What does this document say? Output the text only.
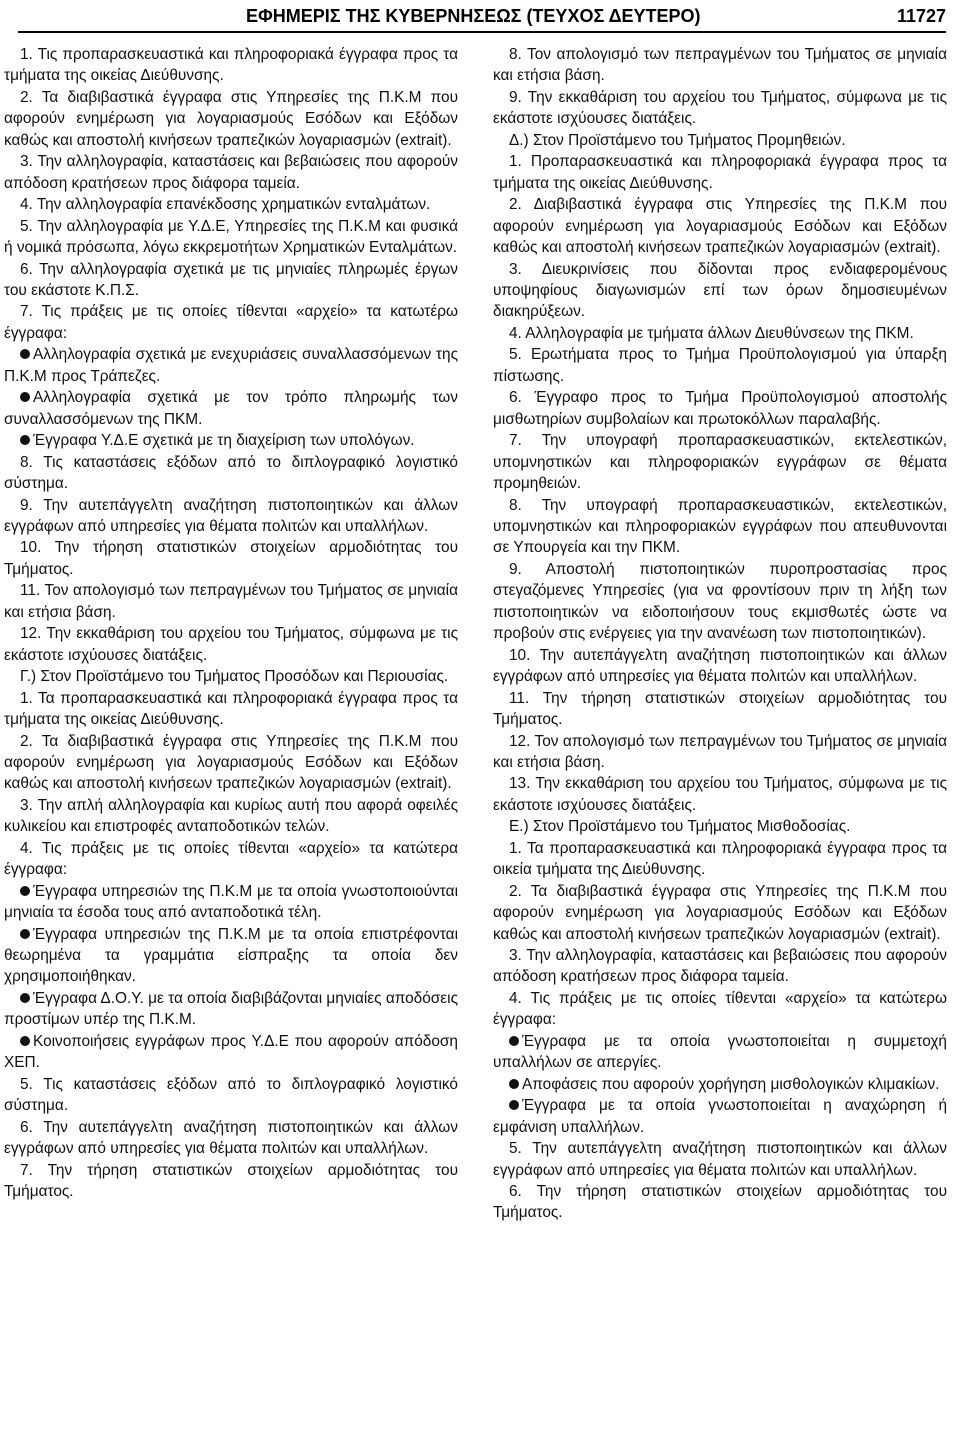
ΕΦΗΜΕΡΙΣ ΤΗΣ ΚΥΒΕΡΝΗΣΕΩΣ (ΤΕΥΧΟΣ ΔΕΥΤΕΡΟ)	11727

1. Τις προπαρασκευαστικά και πληροφοριακά έγγραφα προς τα τμήματα της οικείας Διεύθυνσης.

2. Τα διαβιβαστικά έγγραφα στις Υπηρεσίες της Π.Κ.Μ που αφορούν ενημέρωση για λογαριασμούς Εσόδων και Εξόδων καθώς και αποστολή κινήσεων τραπεζικών λογαριασμών (extrait).

3. Την αλληλογραφία, καταστάσεις και βεβαιώσεις που αφορούν απόδοση κρατήσεων προς διάφορα ταμεία.

4. Την αλληλογραφία επανέκδοσης χρηματικών ενταλμάτων.

5. Την αλληλογραφία με Υ.Δ.Ε, Υπηρεσίες της Π.Κ.Μ και φυσικά ή νομικά πρόσωπα, λόγω εκκρεμοτήτων Χρηματικών Ενταλμάτων.

6. Την αλληλογραφία σχετικά με τις μηνιαίες πληρωμές έργων του εκάστοτε Κ.Π.Σ.

7. Τις πράξεις με τις οποίες τίθενται «αρχείο» τα κατωτέρω έγγραφα:

Αλληλογραφία σχετικά με ενεχυριάσεις συναλλασσόμενων της Π.Κ.Μ προς Τράπεζες.

Αλληλογραφία σχετικά με τον τρόπο πληρωμής των συναλλασσόμενων της ΠΚΜ.

Έγγραφα Υ.Δ.Ε σχετικά με τη διαχείριση των υπολόγων.

8. Τις καταστάσεις εξόδων από το διπλογραφικό λογιστικό σύστημα.

9. Την αυτεπάγγελτη αναζήτηση πιστοποιητικών και άλλων εγγράφων από υπηρεσίες για θέματα πολιτών και υπαλλήλων.

10. Την τήρηση στατιστικών στοιχείων αρμοδιότητας του Τμήματος.

11. Τον απολογισμό των πεπραγμένων του Τμήματος σε μηνιαία και ετήσια βάση.

12. Την εκκαθάριση του αρχείου του Τμήματος, σύμφωνα με τις εκάστοτε ισχύουσες διατάξεις.

Γ.) Στον Προϊστάμενο του Τμήματος Προσόδων και Περιουσίας.

1. Τα προπαρασκευαστικά και πληροφοριακά έγγραφα προς τα τμήματα της οικείας Διεύθυνσης.

2. Τα διαβιβαστικά έγγραφα στις Υπηρεσίες της Π.Κ.Μ που αφορούν ενημέρωση για λογαριασμούς Εσόδων και Εξόδων καθώς και αποστολή κινήσεων τραπεζικών λογαριασμών (extrait).

3. Την απλή αλληλογραφία και κυρίως αυτή που αφορά οφειλές κυλικείου και επιστροφές ανταποδοτικών τελών.

4. Τις πράξεις με τις οποίες τίθενται «αρχείο» τα κατώτερα έγγραφα:

Έγγραφα υπηρεσιών της Π.Κ.Μ με τα οποία γνωστοποιούνται μηνιαία τα έσοδα τους από ανταποδοτικά τέλη.

Έγγραφα υπηρεσιών της Π.Κ.Μ με τα οποία επιστρέφονται θεωρημένα τα γραμμάτια είσπραξης τα οποία δεν χρησιμοποιήθηκαν.

Έγγραφα Δ.Ο.Υ. με τα οποία διαβιβάζονται μηνιαίες αποδόσεις προστίμων υπέρ της Π.Κ.Μ.

Κοινοποιήσεις εγγράφων προς Υ.Δ.Ε που αφορούν απόδοση ΧΕΠ.

5. Τις καταστάσεις εξόδων από το διπλογραφικό λογιστικό σύστημα.

6. Την αυτεπάγγελτη αναζήτηση πιστοποιητικών και άλλων εγγράφων από υπηρεσίες για θέματα πολιτών και υπαλλήλων.

7. Την τήρηση στατιστικών στοιχείων αρμοδιότητας του Τμήματος.

8. Τον απολογισμό των πεπραγμένων του Τμήματος σε μηνιαία και ετήσια βάση.

9. Την εκκαθάριση του αρχείου του Τμήματος, σύμφωνα με τις εκάστοτε ισχύουσες διατάξεις.

Δ.) Στον Προϊστάμενο του Τμήματος Προμηθειών.

1. Προπαρασκευαστικά και πληροφοριακά έγγραφα προς τα τμήματα της οικείας Διεύθυνσης.

2. Διαβιβαστικά έγγραφα στις Υπηρεσίες της Π.Κ.Μ που αφορούν ενημέρωση για λογαριασμούς Εσόδων και Εξόδων καθώς και αποστολή κινήσεων τραπεζικών λογαριασμών (extrait).

3. Διευκρινίσεις που δίδονται προς ενδιαφερομένους υποψηφίους διαγωνισμών επί των όρων δημοσιευμένων διακηρύξεων.

4. Αλληλογραφία με τμήματα άλλων Διευθύνσεων της ΠΚΜ.

5. Ερωτήματα προς το Τμήμα Προϋπολογισμού για ύπαρξη πίστωσης.

6. Έγγραφο προς το Τμήμα Προϋπολογισμού αποστολής μισθωτηρίων συμβολαίων και πρωτοκόλλων παραλαβής.

7. Την υπογραφή προπαρασκευαστικών, εκτελεστικών, υπομνηστικών και πληροφοριακών εγγράφων σε θέματα προμηθειών.

8. Την υπογραφή προπαρασκευαστικών, εκτελεστικών, υπομνηστικών και πληροφοριακών εγγράφων που απευθυνονται σε Υπουργεία και την ΠΚΜ.

9. Αποστολή πιστοποιητικών πυροπροστασίας προς στεγαζόμενες Υπηρεσίες (για να φροντίσουν πριν τη λήξη των πιστοποιητικών να ειδοποιήσουν τους εκμισθωτές ώστε να προβούν στις ενέργειες για την ανανέωση των πιστοποιητικών).

10. Την αυτεπάγγελτη αναζήτηση πιστοποιητικών και άλλων εγγράφων από υπηρεσίες για θέματα πολιτών και υπαλλήλων.

11. Την τήρηση στατιστικών στοιχείων αρμοδιότητας του Τμήματος.

12. Τον απολογισμό των πεπραγμένων του Τμήματος σε μηνιαία και ετήσια βάση.

13. Την εκκαθάριση του αρχείου του Τμήματος, σύμφωνα με τις εκάστοτε ισχύουσες διατάξεις.

Ε.) Στον Προϊστάμενο του Τμήματος Μισθοδοσίας.

1. Τα προπαρασκευαστικά και πληροφοριακά έγγραφα προς τα οικεία τμήματα της Διεύθυνσης.

2. Τα διαβιβαστικά έγγραφα στις Υπηρεσίες της Π.Κ.Μ που αφορούν ενημέρωση για λογαριασμούς Εσόδων και Εξόδων καθώς και αποστολή κινήσεων τραπεζικών λογαριασμών (extrait).

3. Την αλληλογραφία, καταστάσεις και βεβαιώσεις που αφορούν απόδοση κρατήσεων προς διάφορα ταμεία.

4. Τις πράξεις με τις οποίες τίθενται «αρχείο» τα κατώτερω έγγραφα:

Έγγραφα με τα οποία γνωστοποιείται η συμμετοχή υπαλλήλων σε απεργίες.

Αποφάσεις που αφορούν χορήγηση μισθολογικών κλιμακίων.

Έγγραφα με τα οποία γνωστοποιείται η αναχώρηση ή εμφάνιση υπαλλήλων.

5. Την αυτεπάγγελτη αναζήτηση πιστοποιητικών και άλλων εγγράφων από υπηρεσίες για θέματα πολιτών και υπαλλήλων.

6. Την τήρηση στατιστικών στοιχείων αρμοδιότητας του Τμήματος.
